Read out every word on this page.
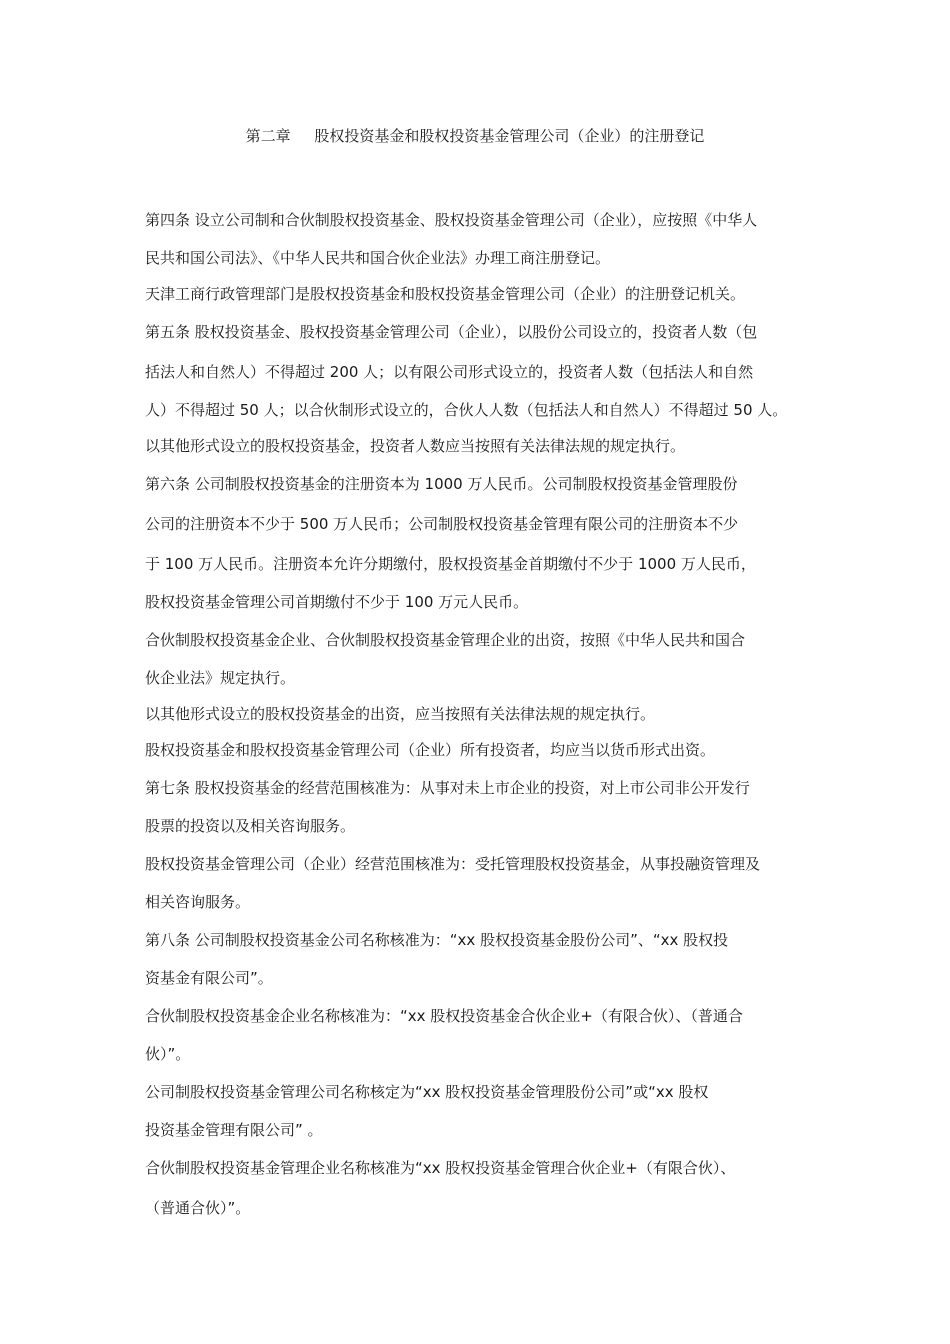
第二章     股权投资基金和股权投资基金管理公司（企业）的注册登记
第四条 设立公司制和合伙制股权投资基金、股权投资基金管理公司（企业），应按照《中华人
民共和国公司法》、《中华人民共和国合伙企业法》办理工商注册登记。
天津工商行政管理部门是股权投资基金和股权投资基金管理公司（企业）的注册登记机关。
第五条 股权投资基金、股权投资基金管理公司（企业），以股份公司设立的，投资者人数（包
括法人和自然人）不得超过 200 人；以有限公司形式设立的，投资者人数（包括法人和自然
人）不得超过 50 人；以合伙制形式设立的，合伙人人数（包括法人和自然人）不得超过 50 人。
以其他形式设立的股权投资基金，投资者人数应当按照有关法律法规的规定执行。
第六条 公司制股权投资基金的注册资本为 1000 万人民币。公司制股权投资基金管理股份
公司的注册资本不少于 500 万人民币；公司制股权投资基金管理有限公司的注册资本不少
于 100 万人民币。注册资本允许分期缴付，股权投资基金首期缴付不少于 1000 万人民币，
股权投资基金管理公司首期缴付不少于 100 万元人民币。
合伙制股权投资基金企业、合伙制股权投资基金管理企业的出资，按照《中华人民共和国合
伙企业法》规定执行。
以其他形式设立的股权投资基金的出资，应当按照有关法律法规的规定执行。
股权投资基金和股权投资基金管理公司（企业）所有投资者，均应当以货币形式出资。
第七条 股权投资基金的经营范围核准为：从事对未上市企业的投资，对上市公司非公开发行
股票的投资以及相关咨询服务。
股权投资基金管理公司（企业）经营范围核准为：受托管理股权投资基金，从事投融资管理及
相关咨询服务。
第八条 公司制股权投资基金公司名称核准为：“xx 股权投资基金股份公司”、“xx 股权投
资基金有限公司”。
合伙制股权投资基金企业名称核准为：“xx 股权投资基金合伙企业+（有限合伙）、（普通合
伙）”。
公司制股权投资基金管理公司名称核定为“xx 股权投资基金管理股份公司”或“xx 股权
投资基金管理有限公司” 。
合伙制股权投资基金管理企业名称核准为“xx 股权投资基金管理合伙企业+（有限合伙）、
（普通合伙）”。
